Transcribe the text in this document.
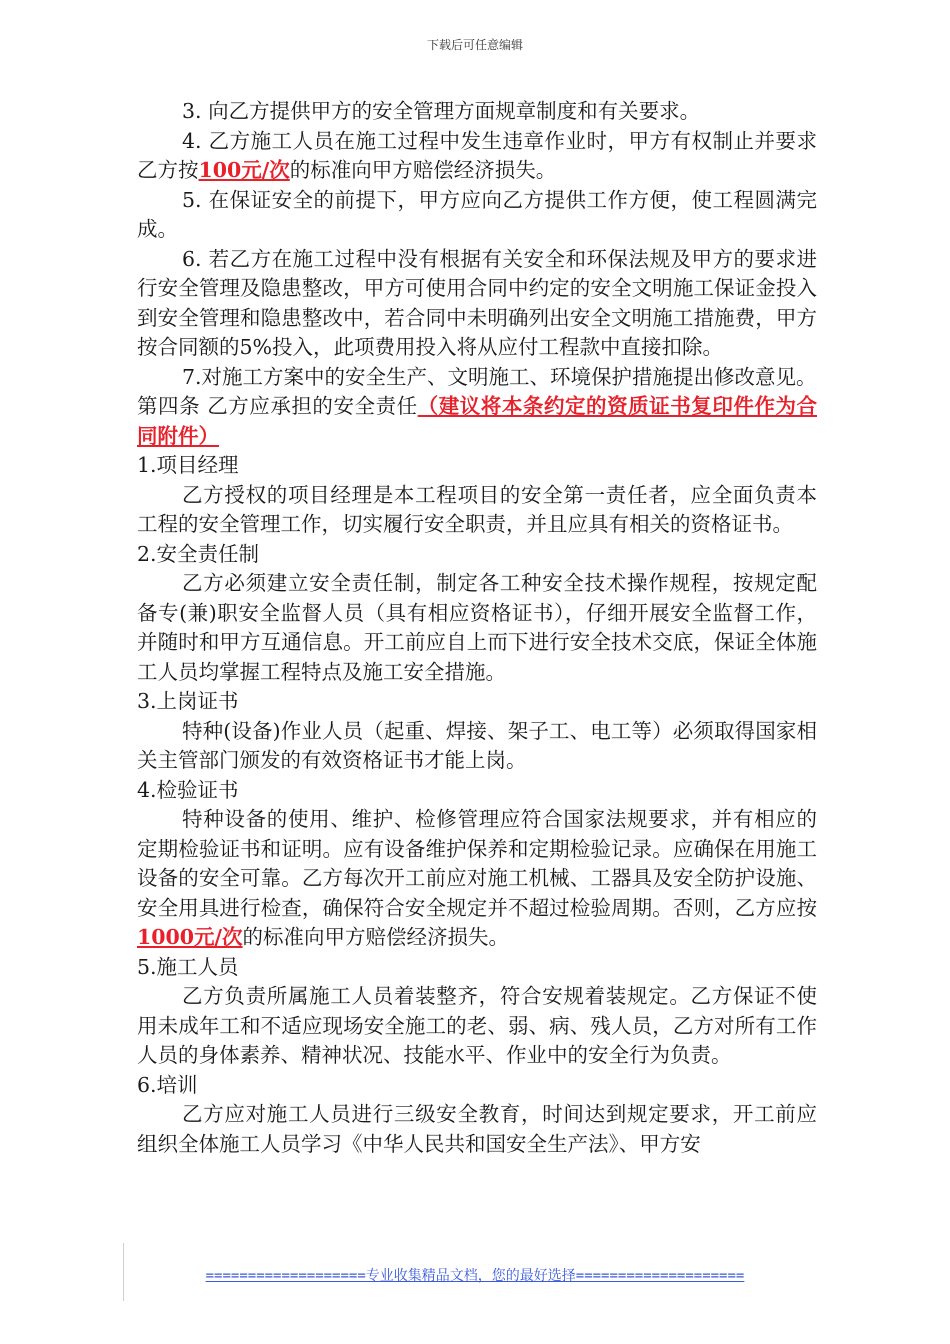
下载后可任意编辑

3. 向乙方提供甲方的安全管理方面规章制度和有关要求。

4. 乙方施工人员在施工过程中发生违章作业时，甲方有权制止并要求乙方按100元/次的标准向甲方赔偿经济损失。

5. 在保证安全的前提下，甲方应向乙方提供工作方便，使工程圆满完成。

6. 若乙方在施工过程中没有根据有关安全和环保法规及甲方的要求进行安全管理及隐患整改，甲方可使用合同中约定的安全文明施工保证金投入到安全管理和隐患整改中，若合同中未明确列出安全文明施工措施费，甲方按合同额的5%投入，此项费用投入将从应付工程款中直接扣除。

7.对施工方案中的安全生产、文明施工、环境保护措施提出修改意见。

第四条 乙方应承担的安全责任（建议将本条约定的资质证书复印件作为合同附件）

1.项目经理

乙方授权的项目经理是本工程项目的安全第一责任者，应全面负责本工程的安全管理工作，切实履行安全职责，并且应具有相关的资格证书。

2.安全责任制

乙方必须建立安全责任制，制定各工种安全技术操作规程，按规定配备专(兼)职安全监督人员（具有相应资格证书），仔细开展安全监督工作，并随时和甲方互通信息。开工前应自上而下进行安全技术交底，保证全体施工人员均掌握工程特点及施工安全措施。

3.上岗证书

特种(设备)作业人员（起重、焊接、架子工、电工等）必须取得国家相关主管部门颁发的有效资格证书才能上岗。

4.检验证书

特种设备的使用、维护、检修管理应符合国家法规要求，并有相应的定期检验证书和证明。应有设备维护保养和定期检验记录。应确保在用施工设备的安全可靠。乙方每次开工前应对施工机械、工器具及安全防护设施、安全用具进行检查，确保符合安全规定并不超过检验周期。否则，乙方应按1000元/次的标准向甲方赔偿经济损失。

5.施工人员

乙方负责所属施工人员着装整齐，符合安规着装规定。乙方保证不使用未成年工和不适应现场安全施工的老、弱、病、残人员，乙方对所有工作人员的身体素养、精神状况、技能水平、作业中的安全行为负责。

6.培训

乙方应对施工人员进行三级安全教育，时间达到规定要求，开工前应组织全体施工人员学习《中华人民共和国安全生产法》、甲方安

===================专业收集精品文档，您的最好选择====================
